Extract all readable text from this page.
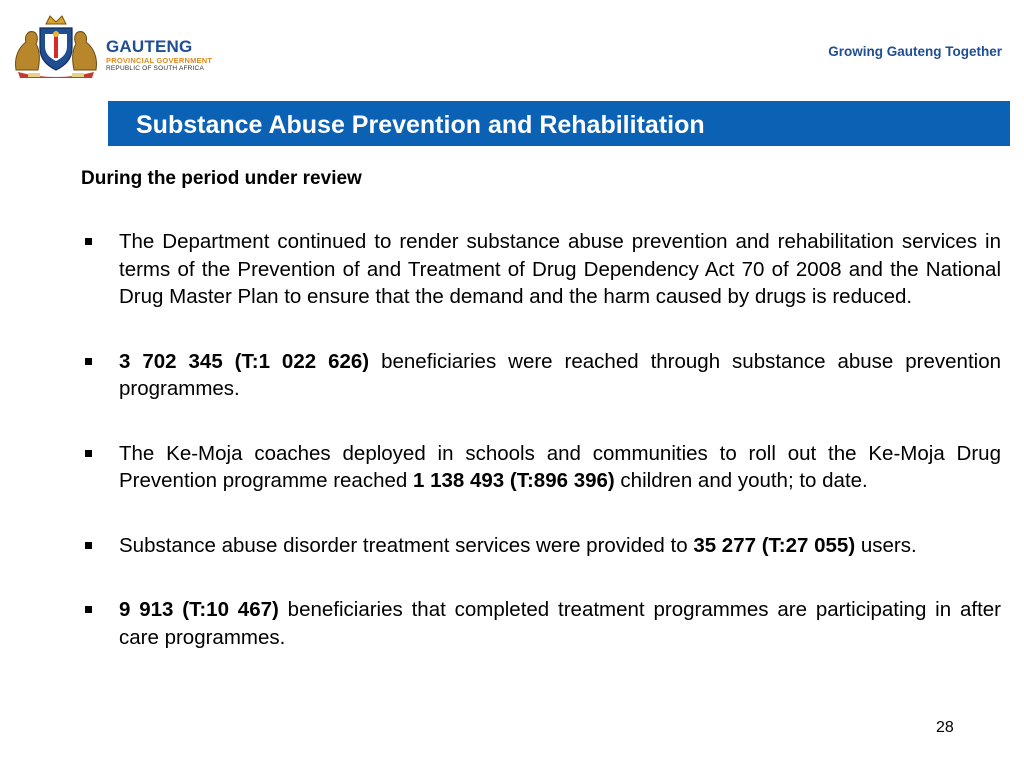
GAUTENG
PROVINCIAL GOVERNMENT
REPUBLIC OF SOUTH AFRICA
Growing Gauteng Together
Substance Abuse Prevention and Rehabilitation
During the period under review
The Department continued to render substance abuse prevention and rehabilitation services in terms of the Prevention of and Treatment of Drug Dependency Act 70 of 2008 and the National Drug Master Plan to ensure that the demand and the harm caused by drugs is reduced.
3 702 345 (T:1 022 626) beneficiaries were reached through substance abuse prevention programmes.
The Ke-Moja coaches deployed in schools and communities to roll out the Ke-Moja Drug Prevention programme reached 1 138 493 (T:896 396) children and youth; to date.
Substance abuse disorder treatment services were provided to 35 277 (T:27 055) users.
9 913 (T:10 467) beneficiaries that completed treatment programmes are participating in after care programmes.
28
